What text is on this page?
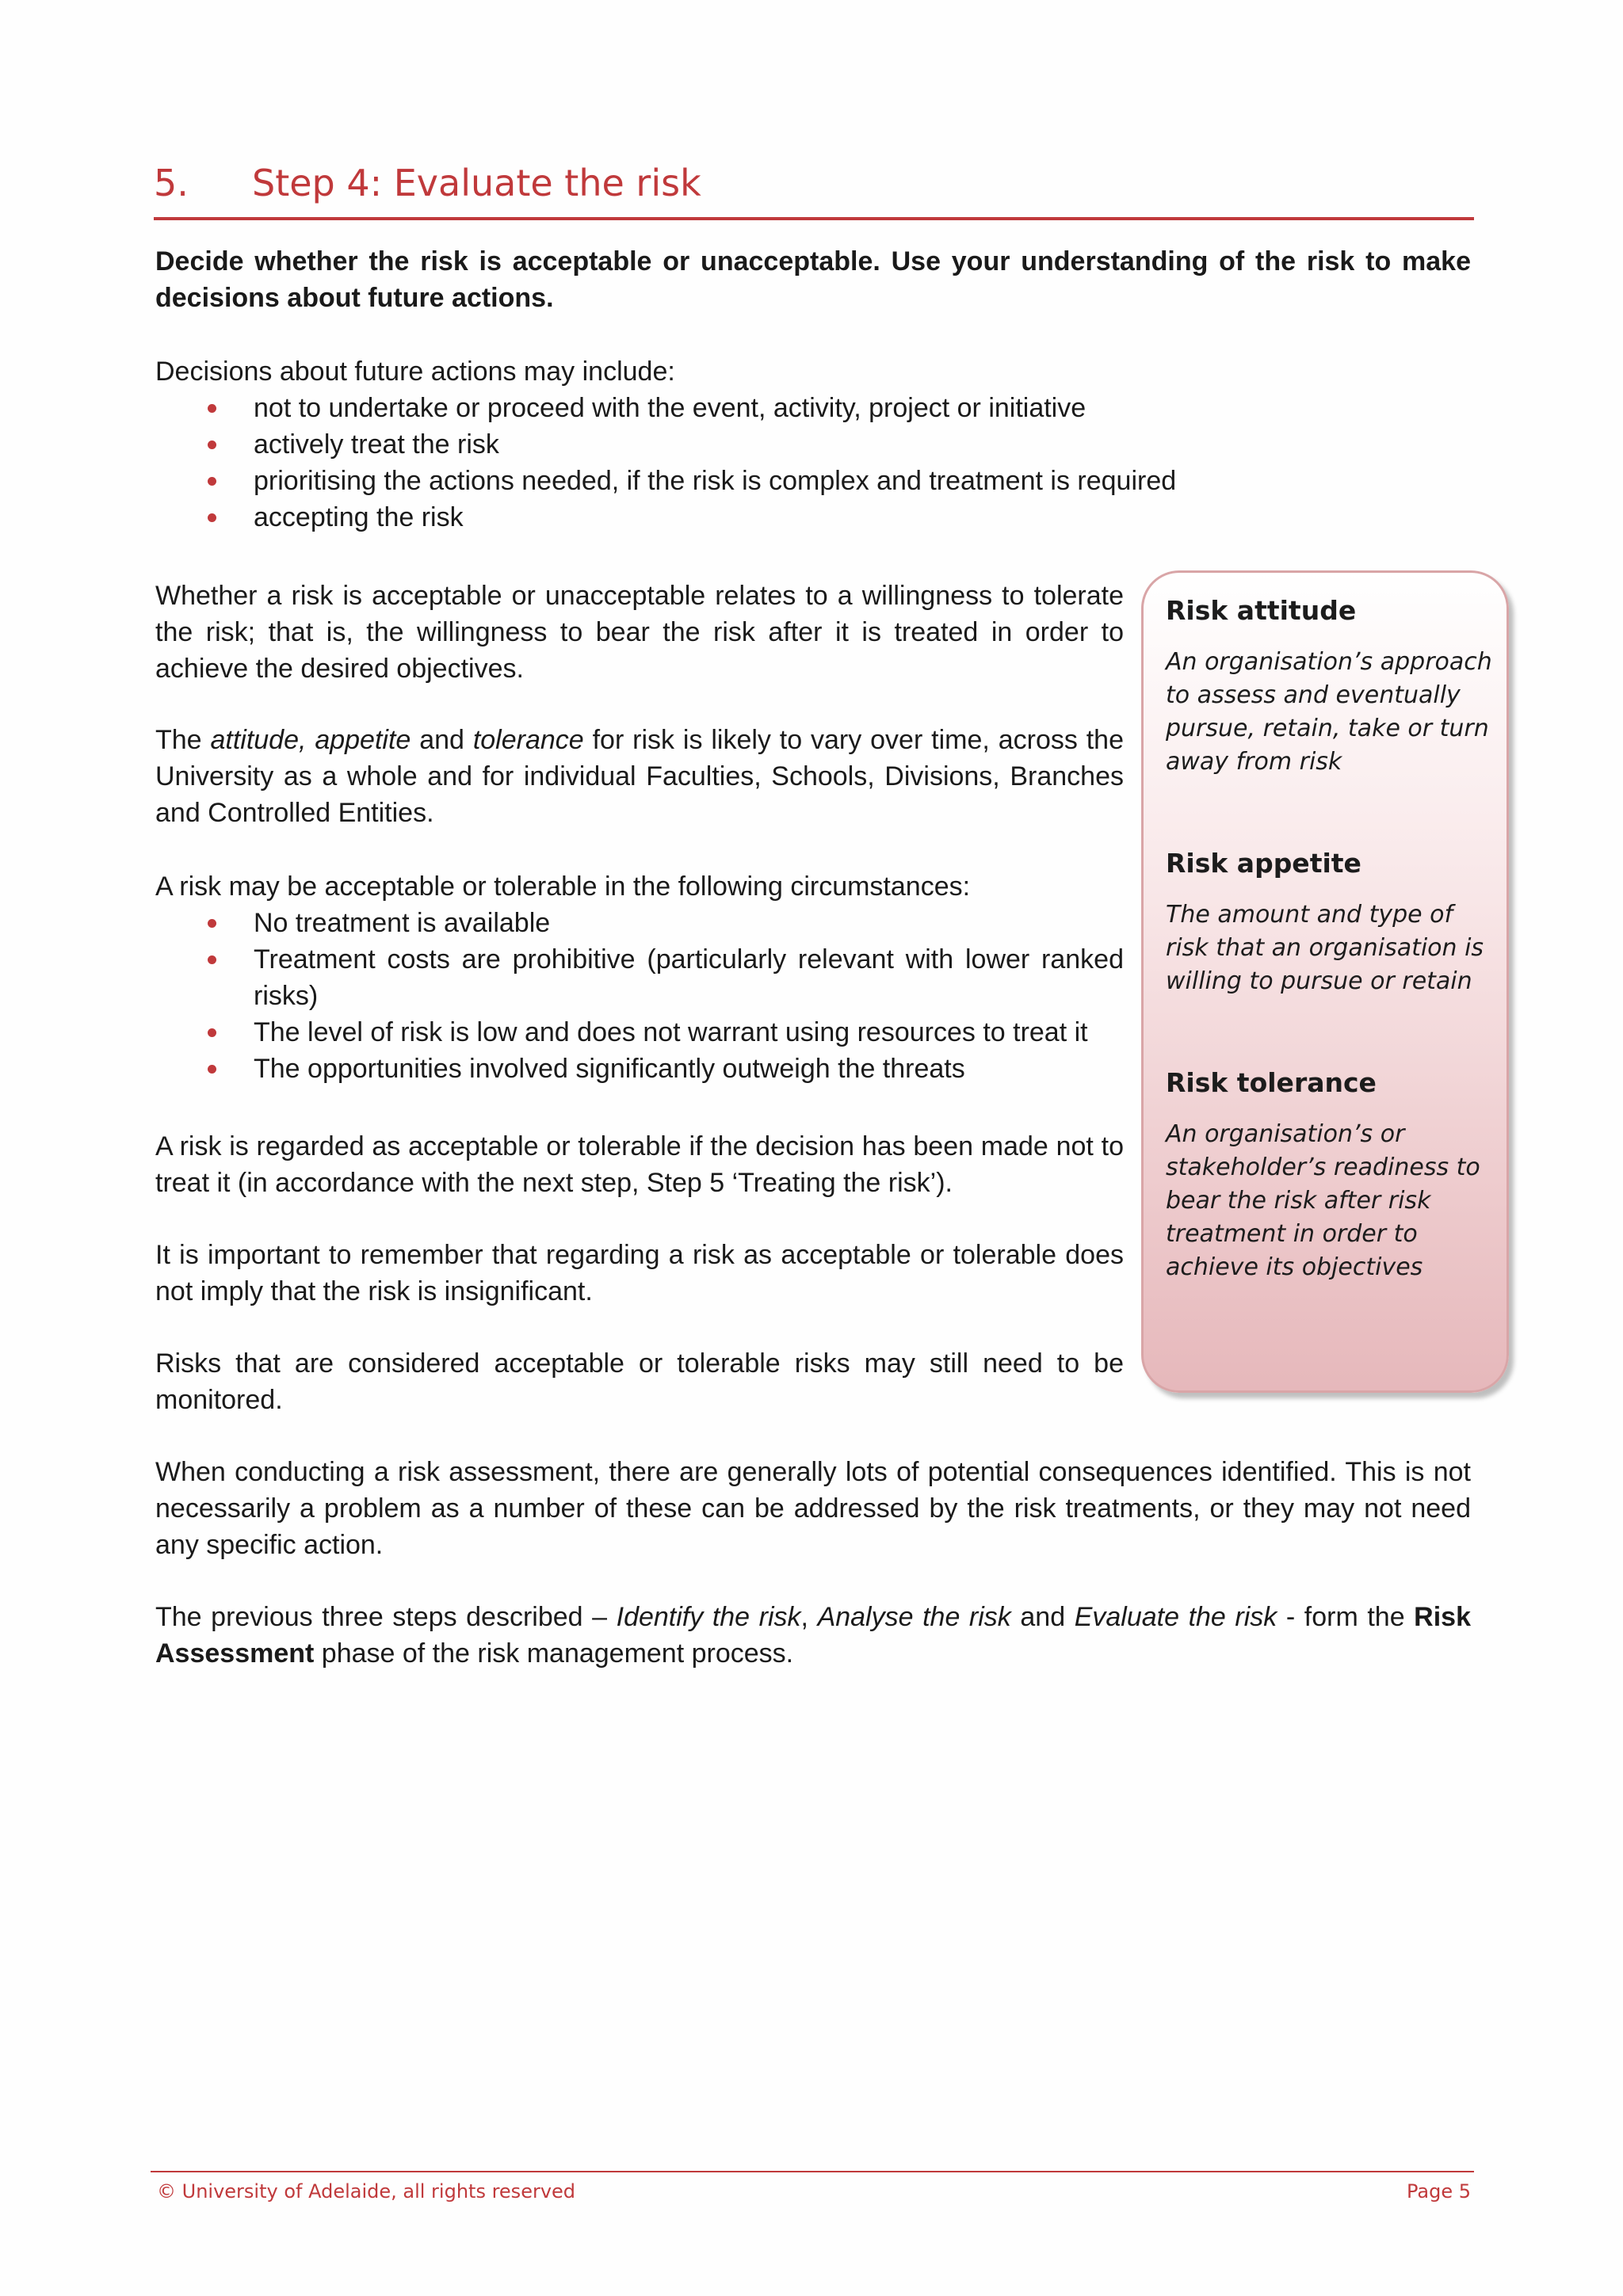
5. Step 4: Evaluate the risk
Decide whether the risk is acceptable or unacceptable. Use your understanding of the risk to make decisions about future actions.
Decisions about future actions may include:
not to undertake or proceed with the event, activity, project or initiative
actively treat the risk
prioritising the actions needed, if the risk is complex and treatment is required
accepting the risk
Whether a risk is acceptable or unacceptable relates to a willingness to tolerate the risk; that is, the willingness to bear the risk after it is treated in order to achieve the desired objectives.
The attitude, appetite and tolerance for risk is likely to vary over time, across the University as a whole and for individual Faculties, Schools, Divisions, Branches and Controlled Entities.
A risk may be acceptable or tolerable in the following circumstances:
No treatment is available
Treatment costs are prohibitive (particularly relevant with lower ranked risks)
The level of risk is low and does not warrant using resources to treat it
The opportunities involved significantly outweigh the threats
A risk is regarded as acceptable or tolerable if the decision has been made not to treat it (in accordance with the next step, Step 5 ‘Treating the risk’).
It is important to remember that regarding a risk as acceptable or tolerable does not imply that the risk is insignificant.
Risks that are considered acceptable or tolerable risks may still need to be monitored.
When conducting a risk assessment, there are generally lots of potential consequences identified. This is not necessarily a problem as a number of these can be addressed by the risk treatments, or they may not need any specific action.
The previous three steps described – Identify the risk, Analyse the risk and Evaluate the risk - form the Risk Assessment phase of the risk management process.
Risk attitude
An organisation’s approach to assess and eventually pursue, retain, take or turn away from risk
Risk appetite
The amount and type of risk that an organisation is willing to pursue or retain
Risk tolerance
An organisation’s or stakeholder’s readiness to bear the risk after risk treatment in order to achieve its objectives
© University of Adelaide, all rights reserved	Page 5
